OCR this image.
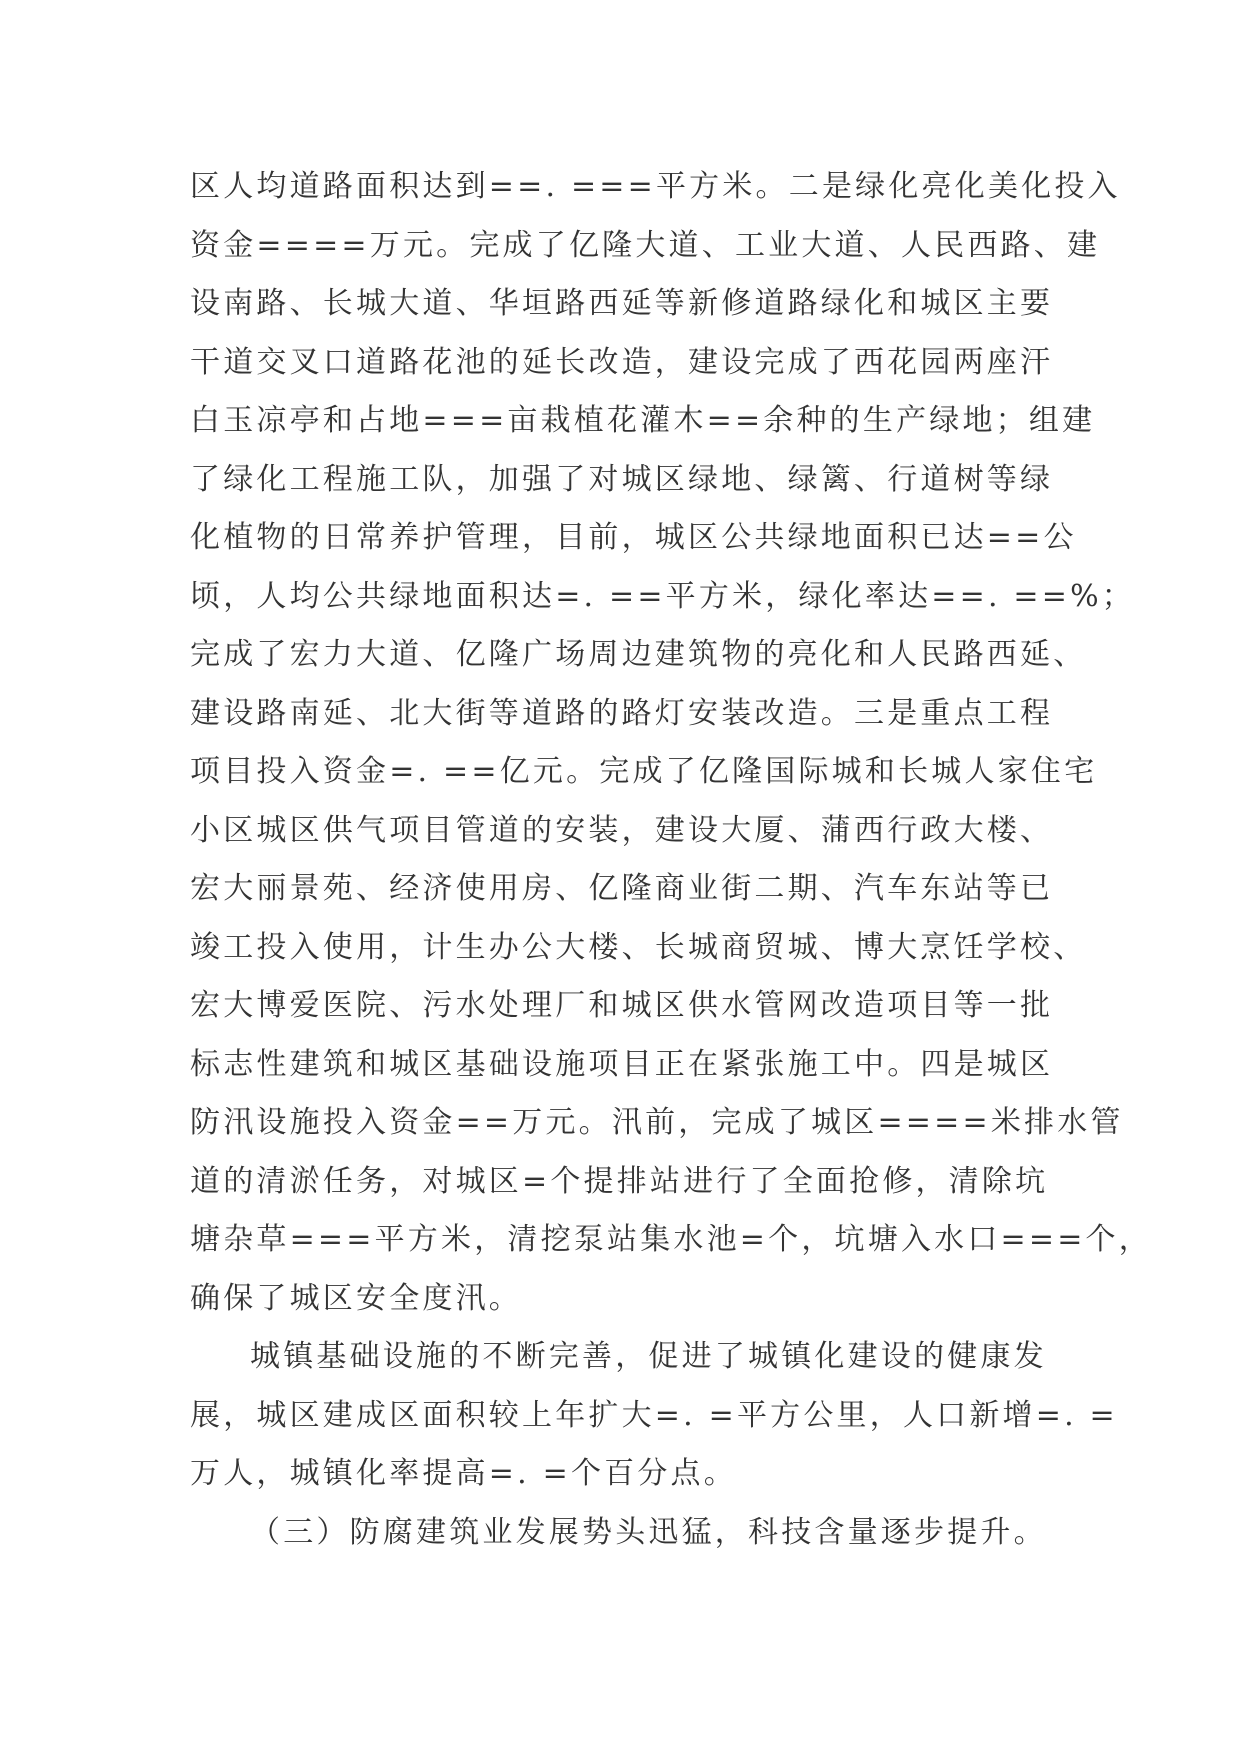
区人均道路面积达到==. ===平方米。二是绿化亮化美化投入
资金====万元。完成了亿隆大道、工业大道、人民西路、建
设南路、长城大道、华垣路西延等新修道路绿化和城区主要
干道交叉口道路花池的延长改造，建设完成了西花园两座汗
白玉凉亭和占地===亩栽植花灌木==余种的生产绿地；组建
了绿化工程施工队，加强了对城区绿地、绿篱、行道树等绿
化植物的日常养护管理，目前，城区公共绿地面积已达==公
顷，人均公共绿地面积达=. ==平方米，绿化率达==. ==%；
完成了宏力大道、亿隆广场周边建筑物的亮化和人民路西延、
建设路南延、北大街等道路的路灯安装改造。三是重点工程
项目投入资金=. ==亿元。完成了亿隆国际城和长城人家住宅
小区城区供气项目管道的安装，建设大厦、蒲西行政大楼、
宏大丽景苑、经济使用房、亿隆商业街二期、汽车东站等已
竣工投入使用，计生办公大楼、长城商贸城、博大烹饪学校、
宏大博爱医院、污水处理厂和城区供水管网改造项目等一批
标志性建筑和城区基础设施项目正在紧张施工中。四是城区
防汛设施投入资金==万元。汛前，完成了城区====米排水管
道的清淤任务，对城区=个提排站进行了全面抢修，清除坑
塘杂草===平方米，清挖泵站集水池=个，坑塘入水口===个，
确保了城区安全度汛。
城镇基础设施的不断完善，促进了城镇化建设的健康发
展，城区建成区面积较上年扩大=. =平方公里，人口新增=. =
万人，城镇化率提高=. =个百分点。
（三）防腐建筑业发展势头迅猛，科技含量逐步提升。
